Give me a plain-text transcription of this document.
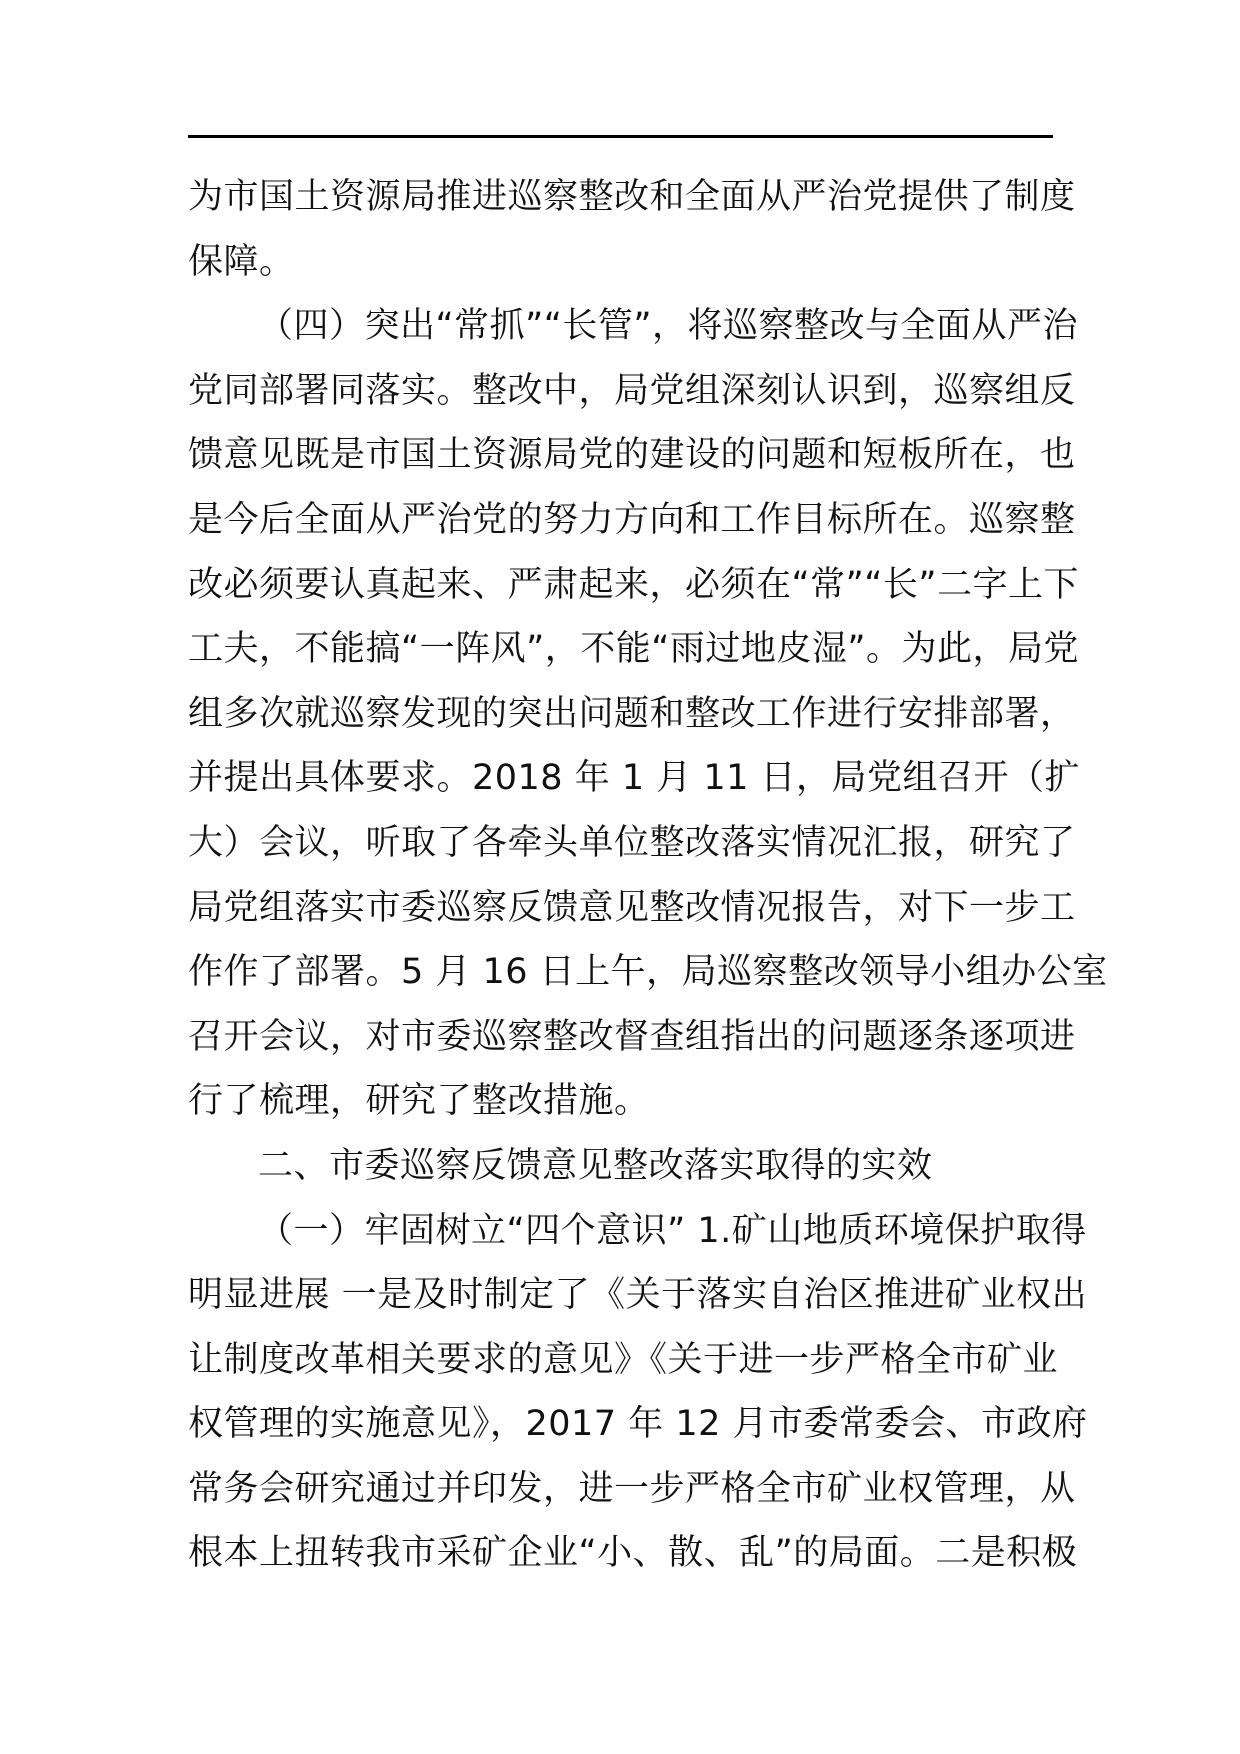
为市国土资源局推进巡察整改和全面从严治党提供了制度
保障。
（四）突出“常抓”“长管”，将巡察整改与全面从严治
党同部署同落实。整改中，局党组深刻认识到，巡察组反
馈意见既是市国土资源局党的建设的问题和短板所在，也
是今后全面从严治党的努力方向和工作目标所在。巡察整
改必须要认真起来、严肃起来，必须在“常”“长”二字上下
工夫，不能搞“一阵风”，不能“雨过地皮湿”。为此，局党
组多次就巡察发现的突出问题和整改工作进行安排部署，
并提出具体要求。2018 年 1 月 11 日，局党组召开（扩
大）会议，听取了各牵头单位整改落实情况汇报，研究了
局党组落实市委巡察反馈意见整改情况报告，对下一步工
作作了部署。5 月 16 日上午，局巡察整改领导小组办公室
召开会议，对市委巡察整改督查组指出的问题逐条逐项进
行了梳理，研究了整改措施。
二、市委巡察反馈意见整改落实取得的实效
（一）牢固树立“四个意识” 1.矿山地质环境保护取得
明显进展 一是及时制定了《关于落实自治区推进矿业权出
让制度改革相关要求的意见》《关于进一步严格全市矿业
权管理的实施意见》，2017 年 12 月市委常委会、市政府
常务会研究通过并印发，进一步严格全市矿业权管理，从
根本上扭转我市采矿企业“小、散、乱”的局面。二是积极
